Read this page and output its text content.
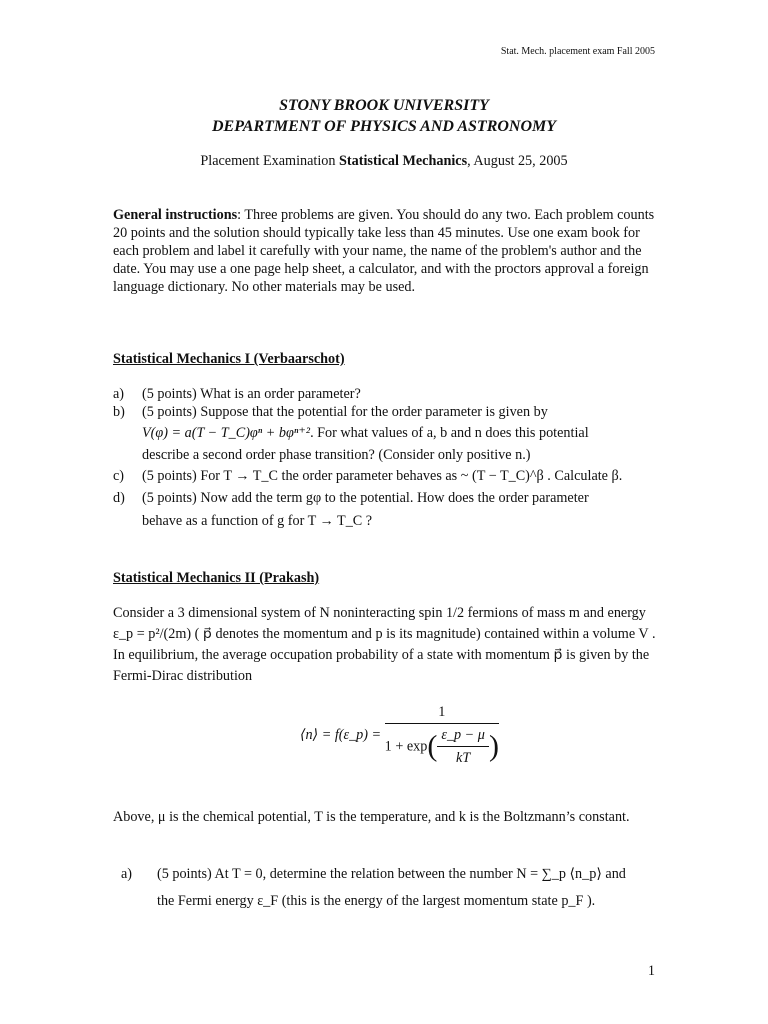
Stat. Mech. placement exam Fall 2005
STONY BROOK UNIVERSITY
DEPARTMENT OF PHYSICS AND ASTRONOMY
Placement Examination Statistical Mechanics, August 25, 2005
General instructions: Three problems are given. You should do any two. Each problem counts 20 points and the solution should typically take less than 45 minutes. Use one exam book for each problem and label it carefully with your name, the name of the problem's author and the date. You may use a one page help sheet, a calculator, and with the proctors approval a foreign language dictionary. No other materials may be used.
Statistical Mechanics I (Verbaarschot)
a) (5 points) What is an order parameter?
b) (5 points) Suppose that the potential for the order parameter is given by
V(φ) = a(T − T_C)φⁿ + bφⁿ⁺². For what values of a, b and n does this potential
describe a second order phase transition? (Consider only positive n.)
c) (5 points) For T → T_C the order parameter behaves as ~ (T − T_C)^β . Calculate β.
d) (5 points) Now add the term gφ to the potential. How does the order parameter
behave as a function of g for T → T_C ?
Statistical Mechanics II (Prakash)
Consider a 3 dimensional system of N noninteracting spin 1/2 fermions of mass m and energy ε_p = p²/(2m) ( p⃗ denotes the momentum and p is its magnitude) contained within a volume V . In equilibrium, the average occupation probability of a state with momentum p⃗ is given by the Fermi-Dirac distribution
⟨n⟩ = f(ε_p) = $\frac{1}{1 + \exp( \frac{\varepsilon\_p - \mu}{kT} )}$
Above, μ is the chemical potential, T is the temperature, and k is the Boltzmann’s constant.
a) (5 points) At T = 0, determine the relation between the number N = ∑_p ⟨n_p⟩ and
the Fermi energy ε_F (this is the energy of the largest momentum state p_F ).
1
